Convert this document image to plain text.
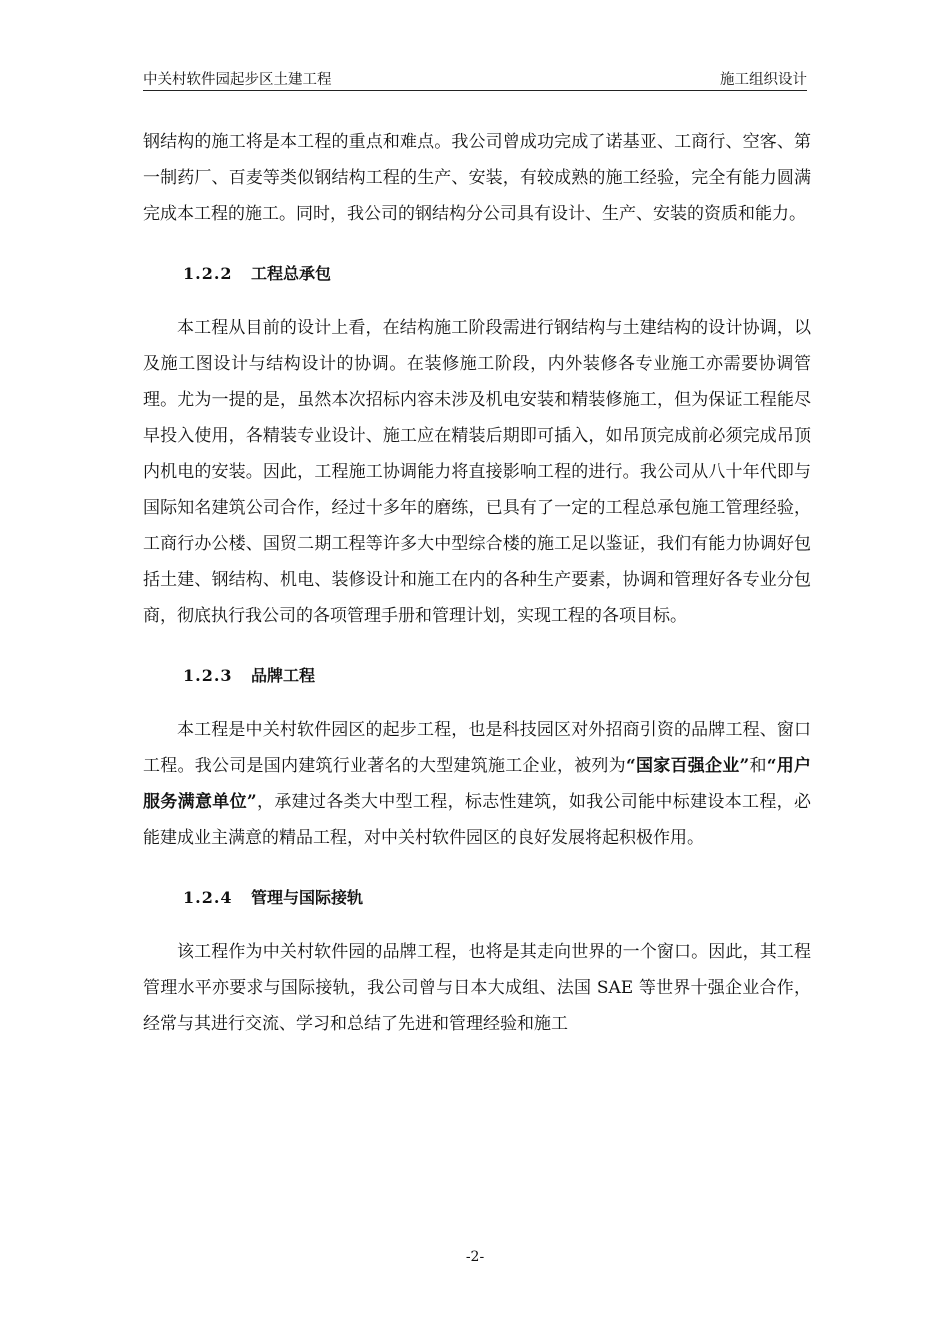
中关村软件园起步区土建工程	施工组织设计

钢结构的施工将是本工程的重点和难点。我公司曾成功完成了诺基亚、工商行、空客、第一制药厂、百麦等类似钢结构工程的生产、安装，有较成熟的施工经验，完全有能力圆满完成本工程的施工。同时，我公司的钢结构分公司具有设计、生产、安装的资质和能力。

1.2.2 工程总承包

本工程从目前的设计上看，在结构施工阶段需进行钢结构与土建结构的设计协调，以及施工图设计与结构设计的协调。在装修施工阶段，内外装修各专业施工亦需要协调管理。尤为一提的是，虽然本次招标内容未涉及机电安装和精装修施工，但为保证工程能尽早投入使用，各精装专业设计、施工应在精装后期即可插入，如吊顶完成前必须完成吊顶内机电的安装。因此，工程施工协调能力将直接影响工程的进行。我公司从八十年代即与国际知名建筑公司合作，经过十多年的磨练，已具有了一定的工程总承包施工管理经验，工商行办公楼、国贸二期工程等许多大中型综合楼的施工足以鉴证，我们有能力协调好包括土建、钢结构、机电、装修设计和施工在内的各种生产要素，协调和管理好各专业分包商，彻底执行我公司的各项管理手册和管理计划，实现工程的各项目标。

1.2.3 品牌工程

本工程是中关村软件园区的起步工程，也是科技园区对外招商引资的品牌工程、窗口工程。我公司是国内建筑行业著名的大型建筑施工企业，被列为“国家百强企业”和“用户服务满意单位”，承建过各类大中型工程，标志性建筑，如我公司能中标建设本工程，必能建成业主满意的精品工程，对中关村软件园区的良好发展将起积极作用。

1.2.4 管理与国际接轨

该工程作为中关村软件园的品牌工程，也将是其走向世界的一个窗口。因此，其工程管理水平亦要求与国际接轨，我公司曾与日本大成组、法国 SAE 等世界十强企业合作，经常与其进行交流、学习和总结了先进和管理经验和施工

-2-
